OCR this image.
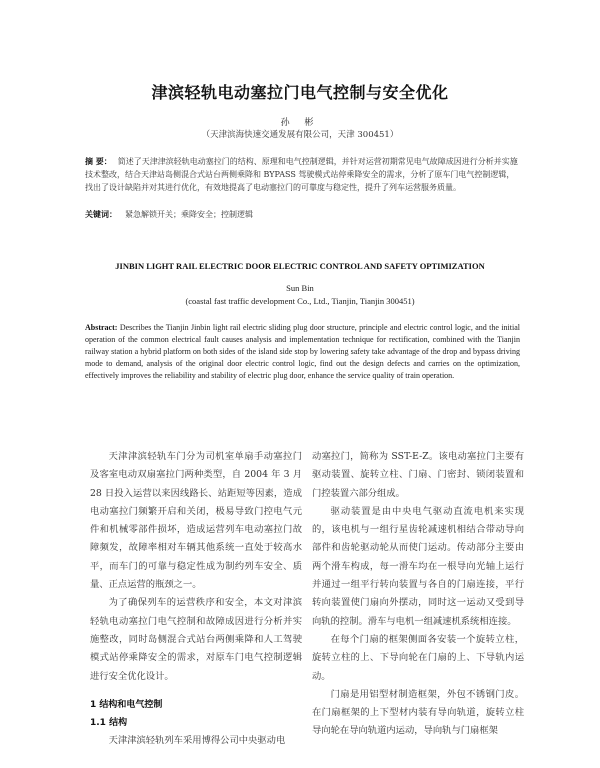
津滨轻轨电动塞拉门电气控制与安全优化
孙 彬
（天津滨海快速交通发展有限公司，天津 300451）
摘 要： 简述了天津津滨轻轨电动塞拉门的结构、原理和电气控制逻辑，并针对运营初期常见电气故障成因进行分析并实施技术整改，结合天津站岛侧混合式站台两侧乘降和 BYPASS 驾驶模式站停乘降安全的需求，分析了原车门电气控制逻辑，找出了设计缺陷并对其进行优化，有效地提高了电动塞拉门的可靠度与稳定性，提升了列车运营服务质量。
关键词： 紧急解锁开关；乘降安全；控制逻辑
JINBIN LIGHT RAIL ELECTRIC DOOR ELECTRIC CONTROL AND SAFETY OPTIMIZATION
Sun Bin
(coastal fast traffic development Co., Ltd., Tianjin, Tianjin 300451)
Abstract: Describes the Tianjin Jinbin light rail electric sliding plug door structure, principle and electric control logic, and the initial operation of the common electrical fault causes analysis and implementation technique for rectification, combined with the Tianjin railway station a hybrid platform on both sides of the island side stop by lowering safety take advantage of the drop and bypass driving mode to demand, analysis of the original door electric control logic, find out the design defects and carries on the optimization, effectively improves the reliability and stability of electric plug door, enhance the service quality of train operation.

天津津滨轻轨车门分为司机室单扇手动塞拉门及客室电动双扇塞拉门两种类型，自 2004 年 3 月 28 日投入运营以来因线路长、站距短等因素，造成电动塞拉门频繁开启和关闭，极易导致门控电气元件和机械零部件损坏，造成运营列车电动塞拉门故障频发，故障率相对车辆其他系统一直处于较高水平，而车门的可靠与稳定性成为制约列车安全、质量、正点运营的瓶颈之一。

为了确保列车的运营秩序和安全，本文对津滨轻轨电动塞拉门电气控制和故障成因进行分析并实施整改，同时岛侧混合式站台两侧乘降和人工驾驶模式站停乘降安全的需求，对原车门电气控制逻辑进行安全优化设计。

1 结构和电气控制

1.1 结构

天津津滨轻轨列车采用博得公司中央驱动电

动塞拉门，简称为 SST-E-Z。该电动塞拉门主要有驱动装置、旋转立柱、门扇、门密封、锁闭装置和门控装置六部分组成。

驱动装置是由中央电气驱动直流电机来实现的，该电机与一组行星齿轮减速机相结合带动导向部件和齿轮驱动轮从而使门运动。传动部分主要由两个滑车构成，每一滑车均在一根导向光轴上运行并通过一组平行转向装置与各自的门扇连接，平行转向装置使门扇向外摆动，同时这一运动又受到导向轨的控制。滑车与电机一组减速机系统相连接。

在每个门扇的框架侧面各安装一个旋转立柱，旋转立柱的上、下导向轮在门扇的上、下导轨内运动。

门扇是用铝型材制造框架，外包不锈钢门皮。在门扇框架的上下型材内装有导向轨道，旋转立柱导向轮在导向轨道内运动，导向轨与门扇框架
